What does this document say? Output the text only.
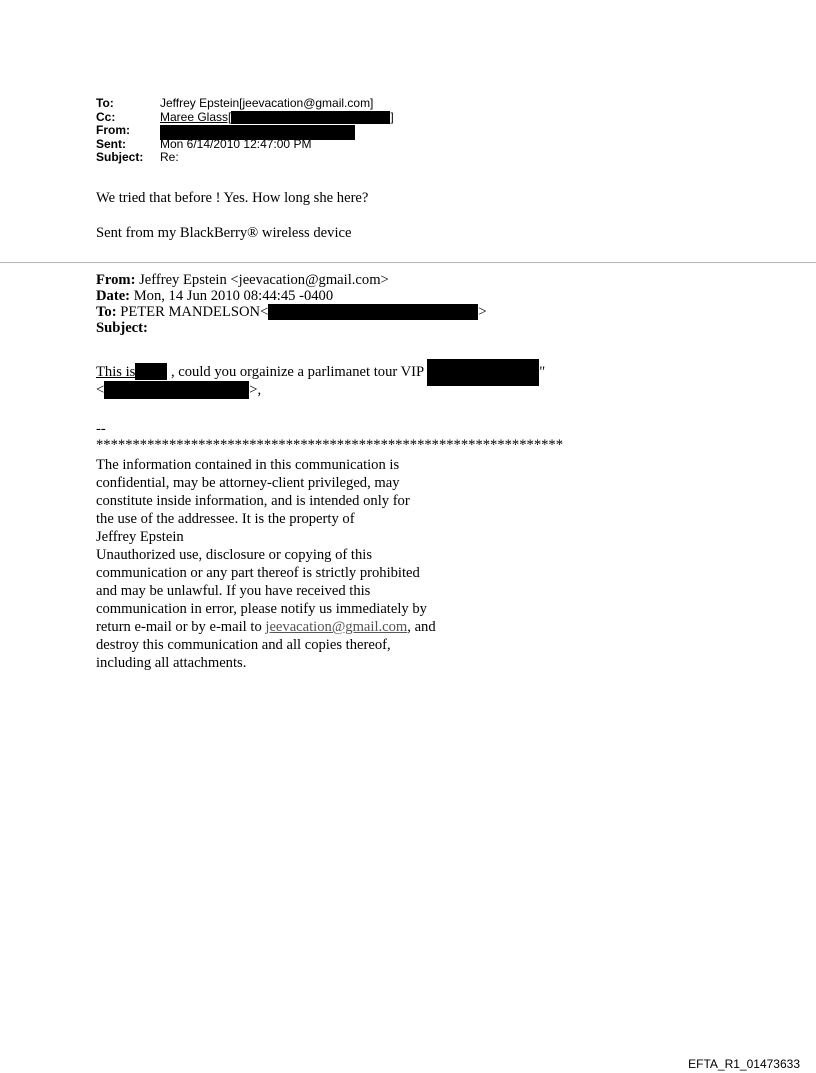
To:	Jeffrey Epstein[jeevacation@gmail.com]
Cc:	Maree Glass[	]
From:
Sent:	Mon 6/14/2010 12:47:00 PM
Subject:	Re:

We tried that before ! Yes. How long she here?

Sent from my BlackBerry® wireless device

From: Jeffrey Epstein <jeevacation@gmail.com>
Date: Mon, 14 Jun 2010 08:44:45 -0400
To: PETER MANDELSON<	>
Subject:
This is , could you orgainize a parlimanet tour VIP	"
<	>,
--
****************************************************************
The information contained in this communication is
confidential, may be attorney-client privileged, may
constitute inside information, and is intended only for
the use of the addressee. It is the property of
Jeffrey Epstein
Unauthorized use, disclosure or copying of this
communication or any part thereof is strictly prohibited
and may be unlawful. If you have received this
communication in error, please notify us immediately by
return e-mail or by e-mail to jeevacation@gmail.com, and
destroy this communication and all copies thereof,
including all attachments.
EFTA_R1_01473633
